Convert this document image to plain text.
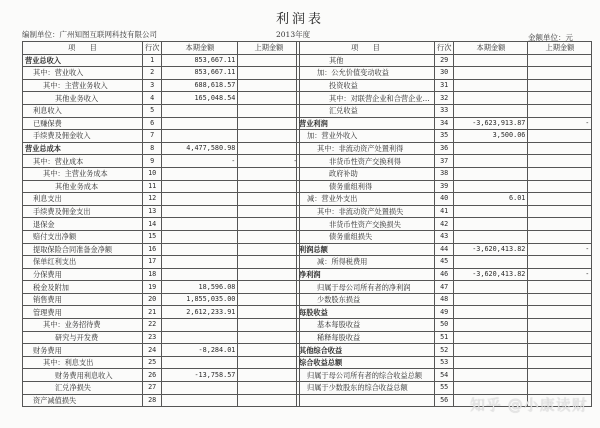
利润表
编制单位：广州知图互联网科技有限公司	2013年度	金额单位：元
项　　目	行次	本期金额	上期金额
营业总收入	1	853,667.11	
其中：营业收入	2	853,667.11	
其中：主营业务收入	3	688,618.57	
其他业务收入	4	165,048.54	
利息收入	5		
已赚保费	6		
手续费及佣金收入	7		
营业总成本	8	4,477,580.98	
其中：营业成本	9	-	-
其中：主营业务成本	10		
其他业务成本	11		
利息支出	12		
手续费及佣金支出	13		
退保金	14		
赔付支出净额	15		
提取保险合同准备金净额	16		
保单红利支出	17		
分保费用	18		
税金及附加	19	18,596.08	
销售费用	20	1,855,035.00	
管理费用	21	2,612,233.91	
其中：业务招待费	22		
研究与开发费	23		
财务费用	24	-8,284.01	
其中：利息支出	25		
财务费用利息收入	26	-13,758.57	
汇兑净损失	27		
资产减值损失	28		
项　　目	行次	本期金额	上期金额
其他	29		
加：公允价值变动收益	30		
投资收益	31		
其中：对联营企业和合营企业…	32		
汇兑收益	33		
营业利润	34	-3,623,913.87	-
加：营业外收入	35	3,500.06	
其中：非流动资产处置利得	36		
非货币性资产交换利得	37		
政府补助	38		
债务重组利得	39		
减：营业外支出	40	6.01	
其中：非流动资产处置损失	41		
非货币性资产交换损失	42		
债务重组损失	43		
利润总额	44	-3,620,413.82	-
减：所得税费用	45		
净利润	46	-3,620,413.82	-
归属于母公司所有者的净利润	47		
少数股东损益	48		
每股收益	49		
基本每股收益	50		
稀释每股收益	51		
其他综合收益	52		
综合收益总额	53		
归属于母公司所有者的综合收益总额	54		
归属于少数股东的综合收益总额	55		
	56		知乎 @小康读财
